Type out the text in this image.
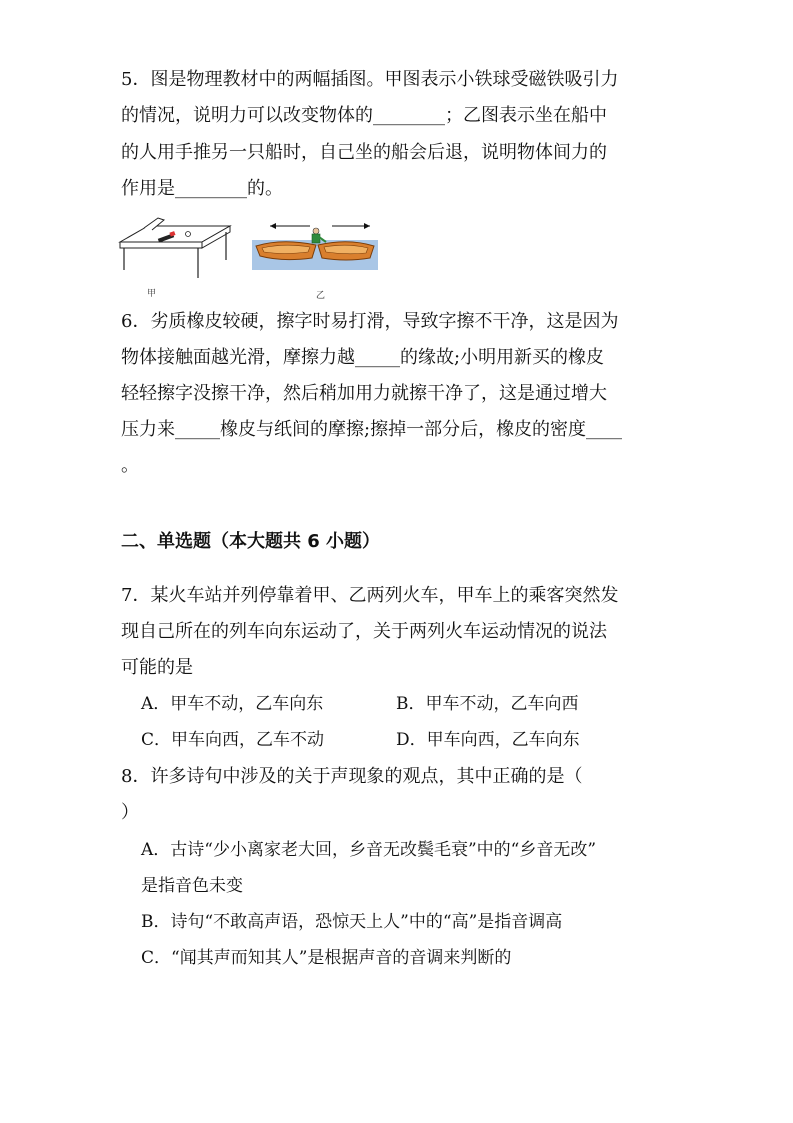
5．图是物理教材中的两幅插图。甲图表示小铁球受磁铁吸引力
的情况，说明力可以改变物体的________；乙图表示坐在船中
的人用手推另一只船时，自己坐的船会后退，说明物体间力的
作用是________的。
甲	乙
6．劣质橡皮较硬，擦字时易打滑，导致字擦不干净，这是因为
物体接触面越光滑，摩擦力越_____的缘故;小明用新买的橡皮
轻轻擦字没擦干净，然后稍加用力就擦干净了，这是通过增大
压力来_____橡皮与纸间的摩擦;擦掉一部分后，橡皮的密度____
。
二、单选题（本大题共 6 小题）
7．某火车站并列停靠着甲、乙两列火车，甲车上的乘客突然发
现自己所在的列车向东运动了，关于两列火车运动情况的说法
可能的是
A．甲车不动，乙车向东	B．甲车不动，乙车向西
C．甲车向西，乙车不动	D．甲车向西，乙车向东
8．许多诗句中涉及的关于声现象的观点，其中正确的是（
）
A．古诗“少小离家老大回，乡音无改鬓毛衰”中的“乡音无改”
是指音色未变
B．诗句“不敢高声语，恐惊天上人”中的“高”是指音调高
C．“闻其声而知其人”是根据声音的音调来判断的
